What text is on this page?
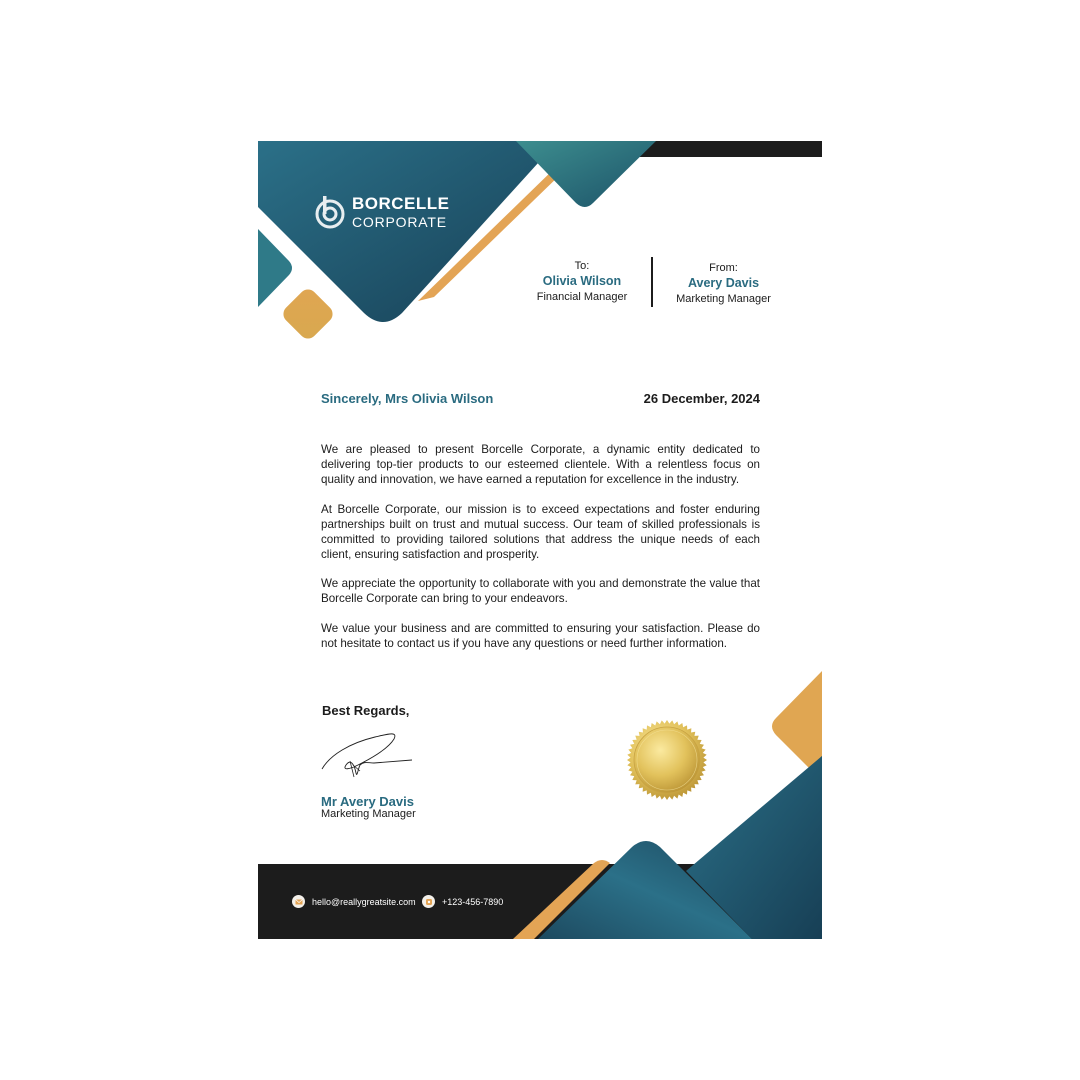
BORCELLE
CORPORATE
To:
Olivia Wilson
Financial Manager
From:
Avery Davis
Marketing Manager
Sincerely, Mrs Olivia Wilson	26 December, 2024

We are pleased to present Borcelle Corporate, a dynamic entity dedicated to delivering top-tier products to our esteemed clientele. With a relentless focus on quality and innovation, we have earned a reputation for excellence in the industry.

At Borcelle Corporate, our mission is to exceed expectations and foster enduring partnerships built on trust and mutual success. Our team of skilled professionals is committed to providing tailored solutions that address the unique needs of each client, ensuring satisfaction and prosperity.

We appreciate the opportunity to collaborate with you and demonstrate the value that Borcelle Corporate can bring to your endeavors.

We value your business and are committed to ensuring your satisfaction. Please do not hesitate to contact us if you have any questions or need further information.

Best Regards,
Mr Avery Davis
Marketing Manager
hello@reallygreatsite.com	+123-456-7890
